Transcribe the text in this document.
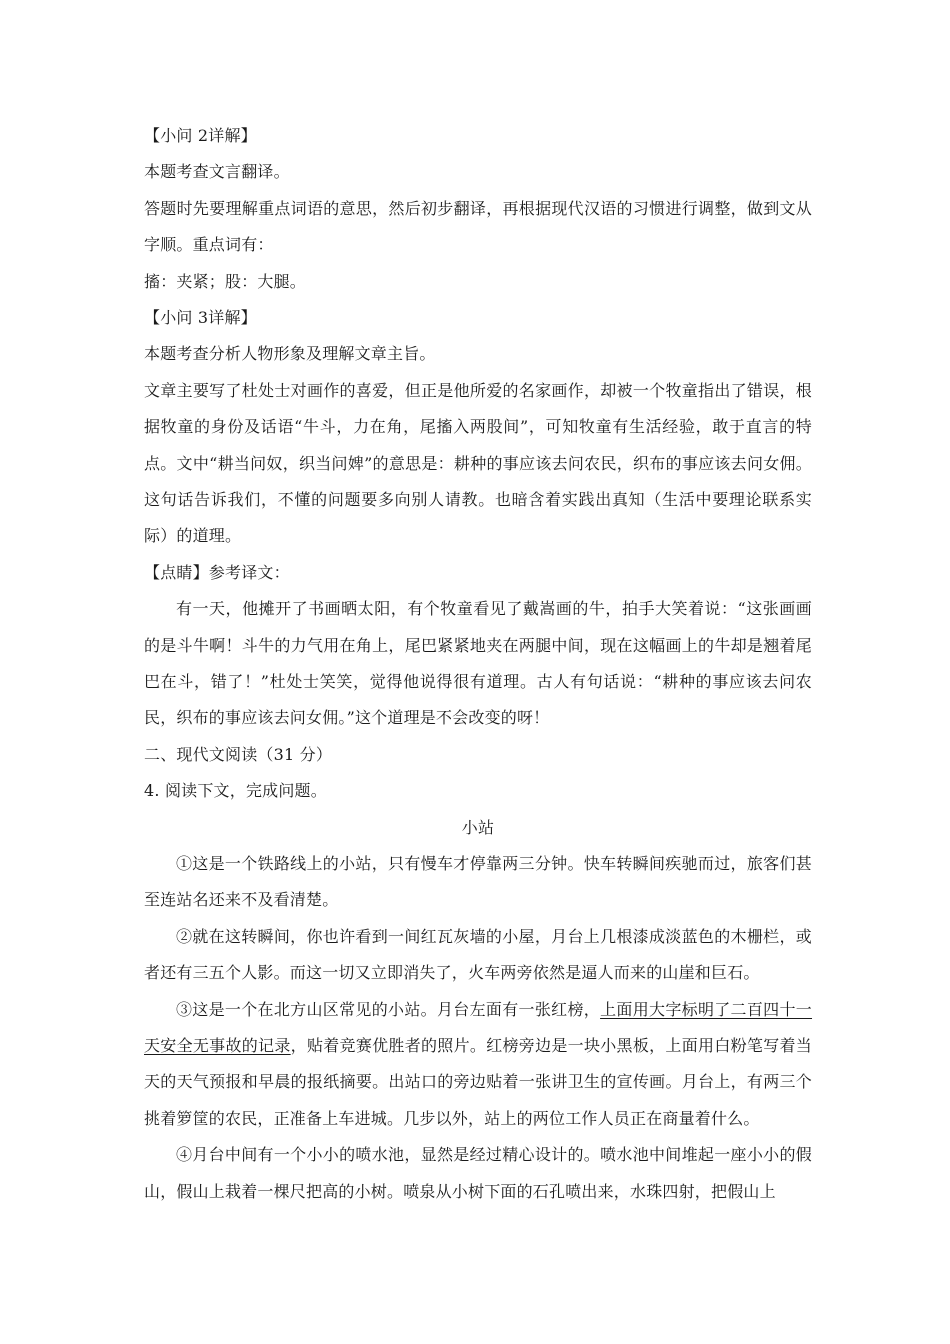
【小问 2详解】
本题考查文言翻译。
答题时先要理解重点词语的意思，然后初步翻译，再根据现代汉语的习惯进行调整，做到文从字顺。重点词有：
搐：夹紧；股：大腿。
【小问 3详解】
本题考查分析人物形象及理解文章主旨。
文章主要写了杜处士对画作的喜爱，但正是他所爱的名家画作，却被一个牧童指出了错误，根据牧童的身份及话语“牛斗，力在角，尾搐入两股间”，可知牧童有生活经验，敢于直言的特点。文中“耕当问奴，织当问婢”的意思是：耕种的事应该去问农民，织布的事应该去问女佣。这句话告诉我们，不懂的问题要多向别人请教。也暗含着实践出真知（生活中要理论联系实际）的道理。
【点睛】参考译文：
有一天，他摊开了书画晒太阳，有个牧童看见了戴嵩画的牛，拍手大笑着说：“这张画画的是斗牛啊！斗牛的力气用在角上，尾巴紧紧地夹在两腿中间，现在这幅画上的牛却是翘着尾巴在斗，错了！”杜处士笑笑，觉得他说得很有道理。古人有句话说：“耕种的事应该去问农民，织布的事应该去问女佣。”这个道理是不会改变的呀！
二、现代文阅读（31 分）
4. 阅读下文，完成问题。
小站
①这是一个铁路线上的小站，只有慢车才停靠两三分钟。快车转瞬间疾驰而过，旅客们甚至连站名还来不及看清楚。
②就在这转瞬间，你也许看到一间红瓦灰墙的小屋，月台上几根漆成淡蓝色的木栅栏，或者还有三五个人影。而这一切又立即消失了，火车两旁依然是逼人而来的山崖和巨石。
③这是一个在北方山区常见的小站。月台左面有一张红榜，上面用大字标明了二百四十一天安全无事故的记录，贴着竞赛优胜者的照片。红榜旁边是一块小黑板，上面用白粉笔写着当天的天气预报和早晨的报纸摘要。出站口的旁边贴着一张讲卫生的宣传画。月台上，有两三个挑着箩筐的农民，正准备上车进城。几步以外，站上的两位工作人员正在商量着什么。
④月台中间有一个小小的喷水池，显然是经过精心设计的。喷水池中间堆起一座小小的假山，假山上栽着一棵尺把高的小树。喷泉从小树下面的石孔喷出来，水珠四射，把假山上
